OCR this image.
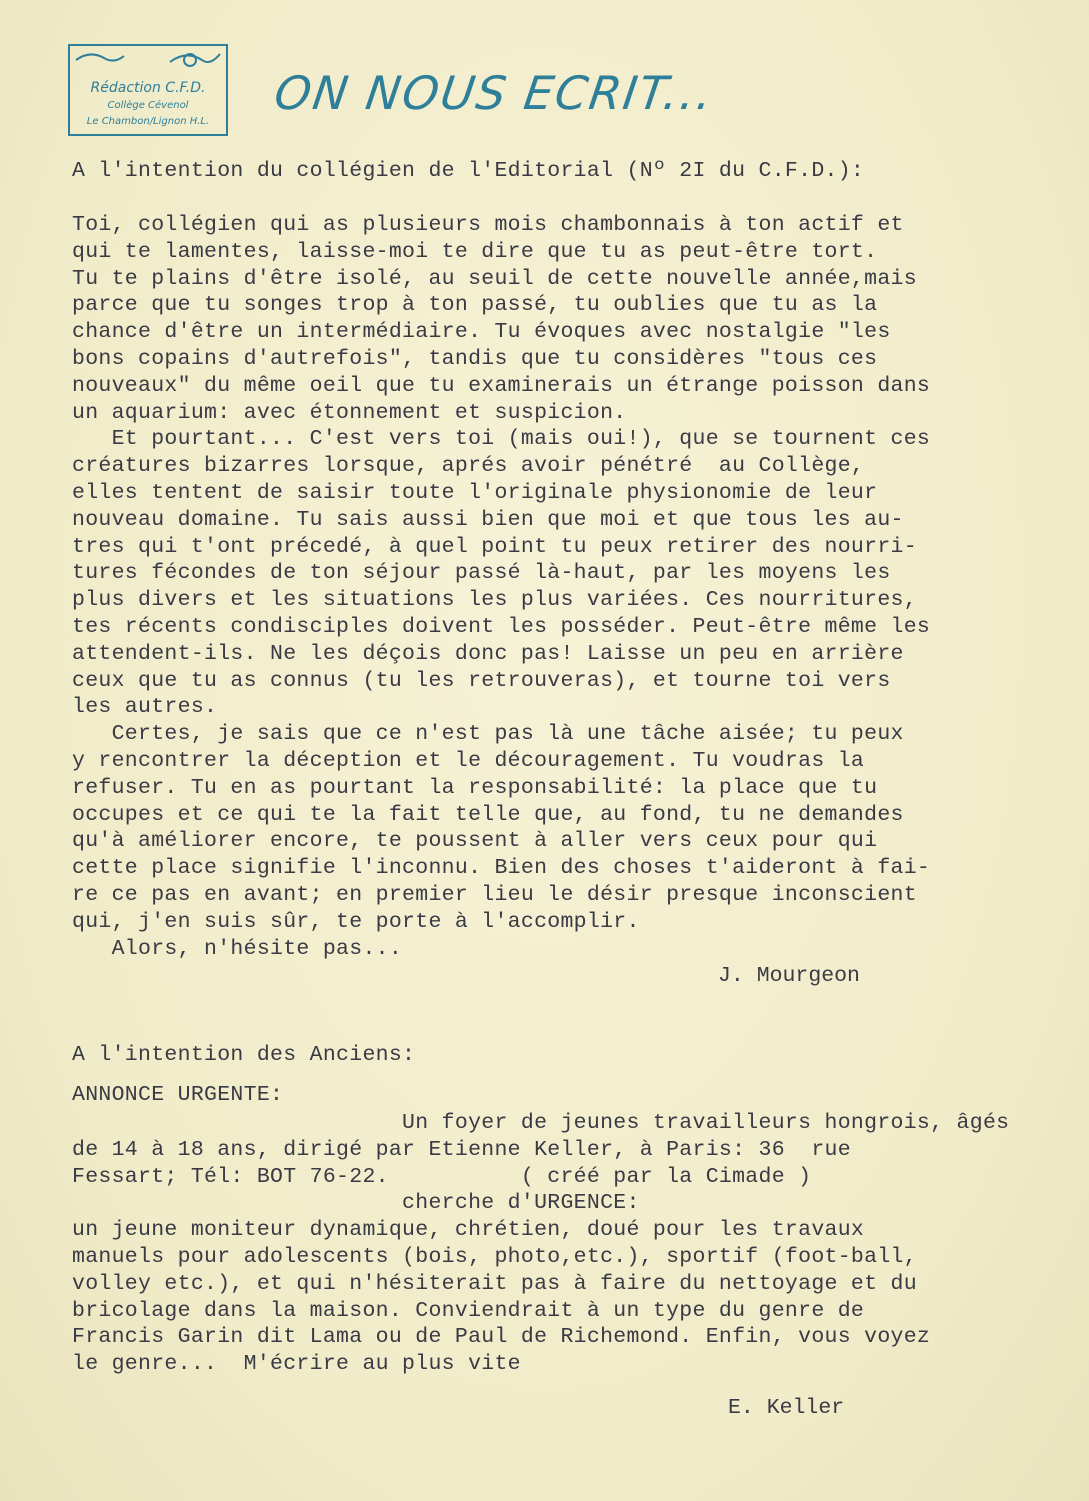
Rédaction C.F.D.
Collège Cévenol
Le Chambon/Lignon H.L.
ON NOUS ECRIT...
A l'intention du collégien de l'Editorial (Nº 2I du C.F.D.):
Toi, collégien qui as plusieurs mois chambonnais à ton actif et
qui te lamentes, laisse-moi te dire que tu as peut-être tort.
Tu te plains d'être isolé, au seuil de cette nouvelle année,mais
parce que tu songes trop à ton passé, tu oublies que tu as la
chance d'être un intermédiaire. Tu évoques avec nostalgie "les
bons copains d'autrefois", tandis que tu considères "tous ces
nouveaux" du même oeil que tu examinerais un étrange poisson dans
un aquarium: avec étonnement et suspicion.
Et pourtant... C'est vers toi (mais oui!), que se tournent ces
créatures bizarres lorsque, aprés avoir pénétré  au Collège,
elles tentent de saisir toute l'originale physionomie de leur
nouveau domaine. Tu sais aussi bien que moi et que tous les au-
tres qui t'ont précedé, à quel point tu peux retirer des nourri-
tures fécondes de ton séjour passé là-haut, par les moyens les
plus divers et les situations les plus variées. Ces nourritures,
tes récents condisciples doivent les posséder. Peut-être même les
attendent-ils. Ne les déçois donc pas! Laisse un peu en arrière
ceux que tu as connus (tu les retrouveras), et tourne toi vers
les autres.
Certes, je sais que ce n'est pas là une tâche aisée; tu peux
y rencontrer la déception et le découragement. Tu voudras la
refuser. Tu en as pourtant la responsabilité: la place que tu
occupes et ce qui te la fait telle que, au fond, tu ne demandes
qu'à améliorer encore, te poussent à aller vers ceux pour qui
cette place signifie l'inconnu. Bien des choses t'aideront à fai-
re ce pas en avant; en premier lieu le désir presque inconscient
qui, j'en suis sûr, te porte à l'accomplir.
Alors, n'hésite pas...
J. Mourgeon
A l'intention des Anciens:
ANNONCE URGENTE:
Un foyer de jeunes travailleurs hongrois, âgés
de 14 à 18 ans, dirigé par Etienne Keller, à Paris: 36  rue
Fessart; Tél: BOT 76-22.          ( créé par la Cimade )
cherche d'URGENCE:
un jeune moniteur dynamique, chrétien, doué pour les travaux
manuels pour adolescents (bois, photo,etc.), sportif (foot-ball,
volley etc.), et qui n'hésiterait pas à faire du nettoyage et du
bricolage dans la maison. Conviendrait à un type du genre de
Francis Garin dit Lama ou de Paul de Richemond. Enfin, vous voyez
le genre...  M'écrire au plus vite
E. Keller
